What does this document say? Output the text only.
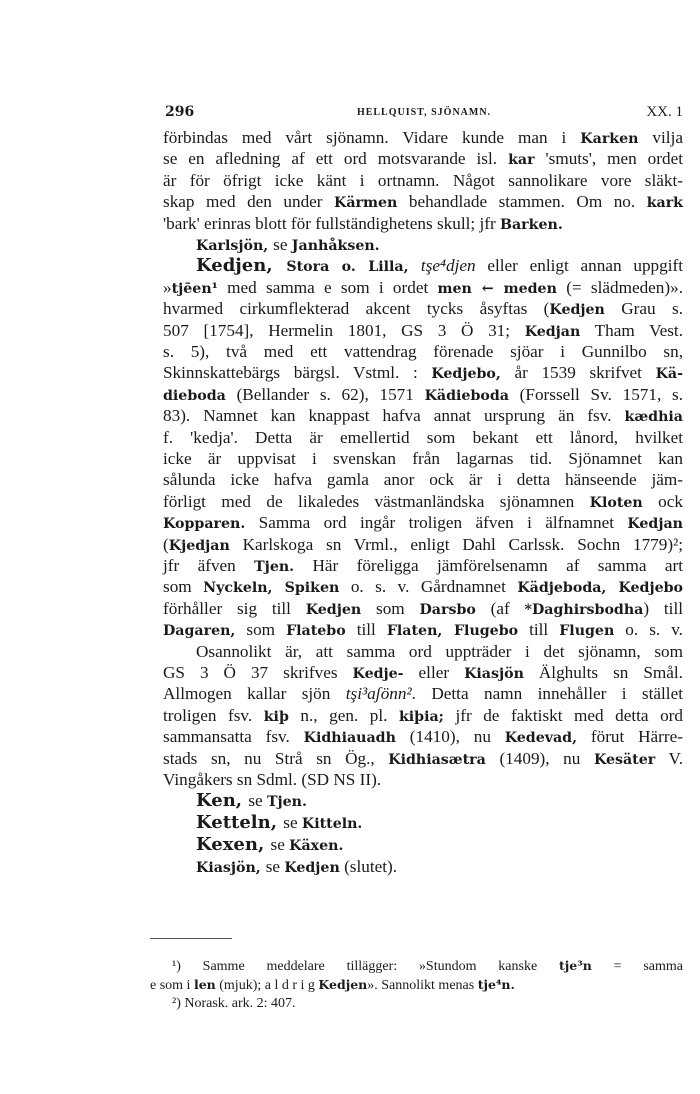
296	HELLQUIST, SJÖNAMN.	XX. 1
förbindas med vårt sjönamn. Vidare kunde man i Karken vilja
se en afledning af ett ord motsvarande isl. kar 'smuts', men ordet
är för öfrigt icke känt i ortnamn. Något sannolikare vore släkt-
skap med den under Kärmen behandlade stammen. Om no. kark
'bark' erinras blott för fullständighetens skull; jfr Barken.
Karlsjön, se Janhåksen.
Kedjen, Stora o. Lilla, tşe⁴djen eller enligt annan uppgift
»tjēen¹ med samma e som i ordet men ← meden (= slädmeden)».
hvarmed cirkumflekterad akcent tycks åsyftas (Kedjen Grau s.
507 [1754], Hermelin 1801, GS 3 Ö 31; Kedjan Tham Vest.
s. 5), två med ett vattendrag förenade sjöar i Gunnilbo sn,
Skinnskattebärgs bärgsl. Vstml. : Kedjebo, år 1539 skrifvet Kä-
dieboda (Bellander s. 62), 1571 Kädieboda (Forssell Sv. 1571, s.
83). Namnet kan knappast hafva annat ursprung än fsv. kædhia
f. 'kedja'. Detta är emellertid som bekant ett lånord, hvilket
icke är uppvisat i svenskan från lagarnas tid. Sjönamnet kan
sålunda icke hafva gamla anor ock är i detta hänseende jäm-
förligt med de likaledes västmanländska sjönamnen Kloten ock
Kopparen. Samma ord ingår troligen äfven i älfnamnet Kedjan
(Kjedjan Karlskoga sn Vrml., enligt Dahl Carlssk. Sochn 1779)²;
jfr äfven Tjen. Här föreligga jämförelsenamn af samma art
som Nyckeln, Spiken o. s. v. Gårdnamnet Kädjeboda, Kedjebo
förhåller sig till Kedjen som Darsbo (af *Daghirsbodha) till
Dagaren, som Flatebo till Flaten, Flugebo till Flugen o. s. v.
Osannolikt är, att samma ord uppträder i det sjönamn, som
GS 3 Ö 37 skrifves Kedje- eller Kiasjön Älghults sn Smål.
Allmogen kallar sjön tşi³aʃönn². Detta namn innehåller i stället
troligen fsv. kiþ n., gen. pl. kiþia; jfr de faktiskt med detta ord
sammansatta fsv. Kidhiauadh (1410), nu Kedevad, förut Härre-
stads sn, nu Strå sn Ög., Kidhiasætra (1409), nu Kesäter V.
Vingåkers sn Sdml. (SD NS II).
Ken, se Tjen.
Ketteln, se Kitteln.
Kexen, se Käxen.
Kiasjön, se Kedjen (slutet).
¹) Samme meddelare tillägger: »Stundom kanske tje³n = samma
e som i len (mjuk); a l d r i g Kedjen». Sannolikt menas tje⁴n.
²) Norask. ark. 2: 407.
